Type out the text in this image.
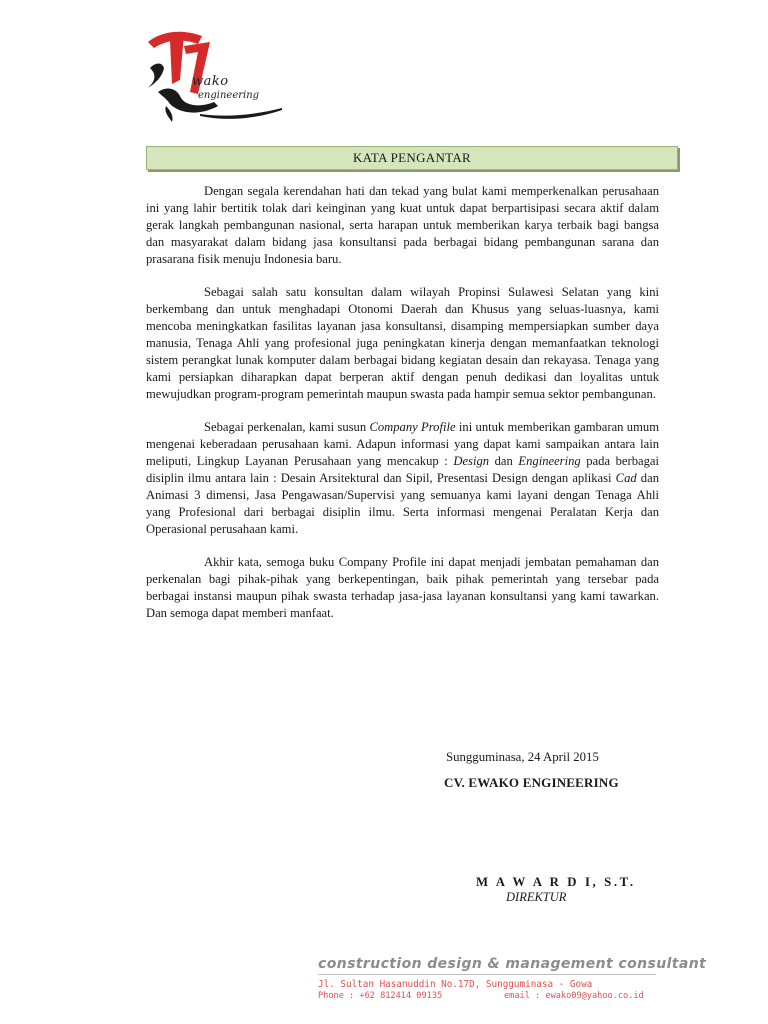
wako
engineering
KATA PENGANTAR

Dengan segala kerendahan hati dan tekad yang bulat kami memperkenalkan perusahaan ini yang lahir bertitik tolak dari keinginan yang kuat untuk dapat berpartisipasi secara aktif dalam gerak langkah pembangunan nasional, serta harapan untuk memberikan karya terbaik bagi bangsa dan masyarakat dalam bidang jasa konsultansi pada berbagai bidang pembangunan sarana dan prasarana fisik menuju Indonesia baru.

Sebagai salah satu konsultan dalam wilayah Propinsi Sulawesi Selatan yang kini berkembang dan untuk menghadapi Otonomi Daerah dan Khusus yang seluas-luasnya, kami mencoba meningkatkan fasilitas layanan jasa konsultansi, disamping mempersiapkan sumber daya manusia, Tenaga Ahli yang profesional juga peningkatan kinerja dengan memanfaatkan teknologi sistem perangkat lunak komputer dalam berbagai bidang kegiatan desain dan rekayasa. Tenaga yang kami persiapkan diharapkan dapat berperan aktif dengan penuh dedikasi dan loyalitas untuk mewujudkan program-program pemerintah maupun swasta pada hampir semua sektor pembangunan.

Sebagai perkenalan, kami susun Company Profile ini untuk memberikan gambaran umum mengenai keberadaan perusahaan kami. Adapun informasi yang dapat kami sampaikan antara lain meliputi, Lingkup Layanan Perusahaan yang mencakup : Design dan Engineering pada berbagai disiplin ilmu antara lain : Desain Arsitektural dan Sipil, Presentasi Design dengan aplikasi Cad dan Animasi 3 dimensi, Jasa Pengawasan/Supervisi yang semuanya kami layani dengan Tenaga Ahli yang Profesional dari berbagai disiplin ilmu. Serta informasi mengenai Peralatan Kerja dan Operasional perusahaan kami.

Akhir kata, semoga buku Company Profile ini dapat menjadi jembatan pemahaman dan perkenalan bagi pihak-pihak yang berkepentingan, baik pihak pemerintah yang tersebar pada berbagai instansi maupun pihak swasta terhadap jasa-jasa layanan konsultansi yang kami tawarkan. Dan semoga dapat memberi manfaat.

Sungguminasa, 24 April 2015
CV. EWAKO ENGINEERING
M A W A R D I, S.T.
DIREKTUR
construction design & management consultant
Jl. Sultan Hasanuddin No.17D, Sungguminasa - Gowa
Phone : +62 812414 09135	email : ewako09@yahoo.co.id
